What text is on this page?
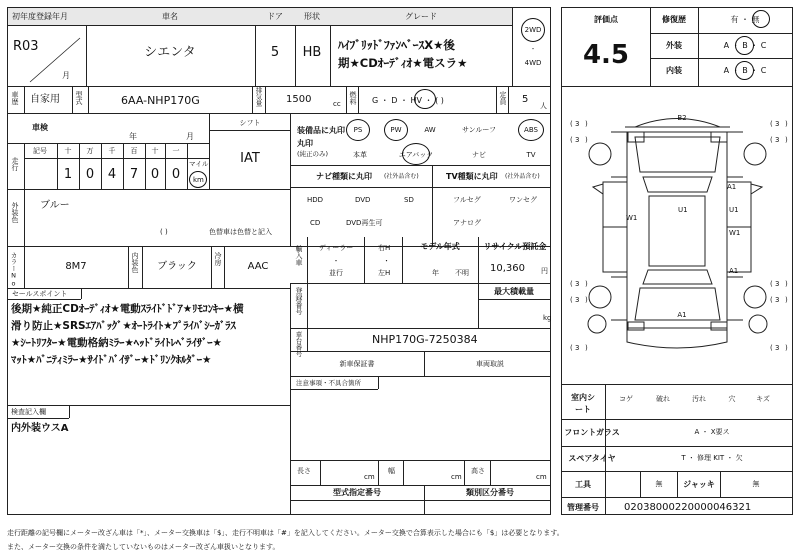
初年度登録年月
R03
月
車名
シエンタ
ドア
5
形状
HB
グレード
ﾊｲﾌﾞﾘｯﾄﾞﾌｧﾝﾍﾞｰｽX★後
期★CDｵｰﾃﾞｨｵ★電スラ★
2WD
-
4WD
評価点
4.5
修復歴	有 ・ 無
外装	A ・ B ・ C
内装	A ・ B ・ C
車歴 自家用 型式	6AA-NHP170G	排気量 1500	cc 燃料 G ・ D ・ HV ・ ( )	定員 5
人
車検
年	月
シフト
IAT
走行
記号	十 万 千 百 十 一
1 0 4 7 0 0
マイル
km
装備品に丸印
(純正のみ)
丸印
PS	PW	AW	サンルーフ	ABS
本革	エアバック	ナビ	TV
ナビ種類に丸印 (社外品含む)
HDD	DVD	SD
CD	DVD再生可
TV種類に丸印 (社外品含む)
フルセグ	ワンセグ
アナログ
外装色 ブルー
( )	色替車は色替と記入
カラーNo.	8M7	内装色 ブラック
冷房
AAC
輸入車 ディーラー
・
並行
右H
・
左H
モデル年式
年 不明
リサイクル預託金
10,360 円
セールスポイント
後期★純正CDｵｰﾃﾞｨｵ★電動ｽﾗｲﾄﾞﾄﾞｱ★ﾘﾓｺﾝｷｰ★横
滑り防止★SRSｴｱﾊﾞｯｸﾞ★ｵｰﾄﾗｲﾄ★ﾌﾟﾗｲﾊﾞｼｰｶﾞﾗｽ
★ｼｰﾄﾘﾌﾀｰ★電動格納ﾐﾗｰ★ﾍｯﾄﾞﾗｲﾄﾚﾍﾞﾗｲｻﾞｰ★
ﾏｯﾄ★ﾊﾞﾆﾃｨﾐﾗｰ★ｻｲﾄﾞﾊﾞｲｻﾞｰ★ﾄﾞﾘﾝｸﾎﾙﾀﾞｰ★
最大積載量
kg
登録番号
車台番号	NHP170G-7250384
新車保証書	車両取説
注意事項・不具合箇所
検査記入欄
内外装ウスA
長さ
cm
幅
cm
高さ
cm
型式指定番号	類別区分番号
B2
A1
W1
U1	U1
W1
A1
A1
( 3 )	( 3 )
( 3 )	( 3 )
( 3 )	( 3 )
( 3 )	( 3 )
( 3 )	( 3 )
室内シート
コゲ	破れ	汚れ	穴	キズ
フロントガラス	A ・ X要ス
スペアタイヤ	T ・ 修理 KIT ・ 欠
工具	無	ジャッキ	無
管理番号	02038000220000046321
走行距離の記号欄にメーター改ざん車は「*」、メーター交換車は「$」、走行不明車は「#」を記入してください。メーター交換で合算表示した場合にも「$」は必要となります。
また、メーター交換の条件を満たしていないものはメーター改ざん車扱いとなります。
